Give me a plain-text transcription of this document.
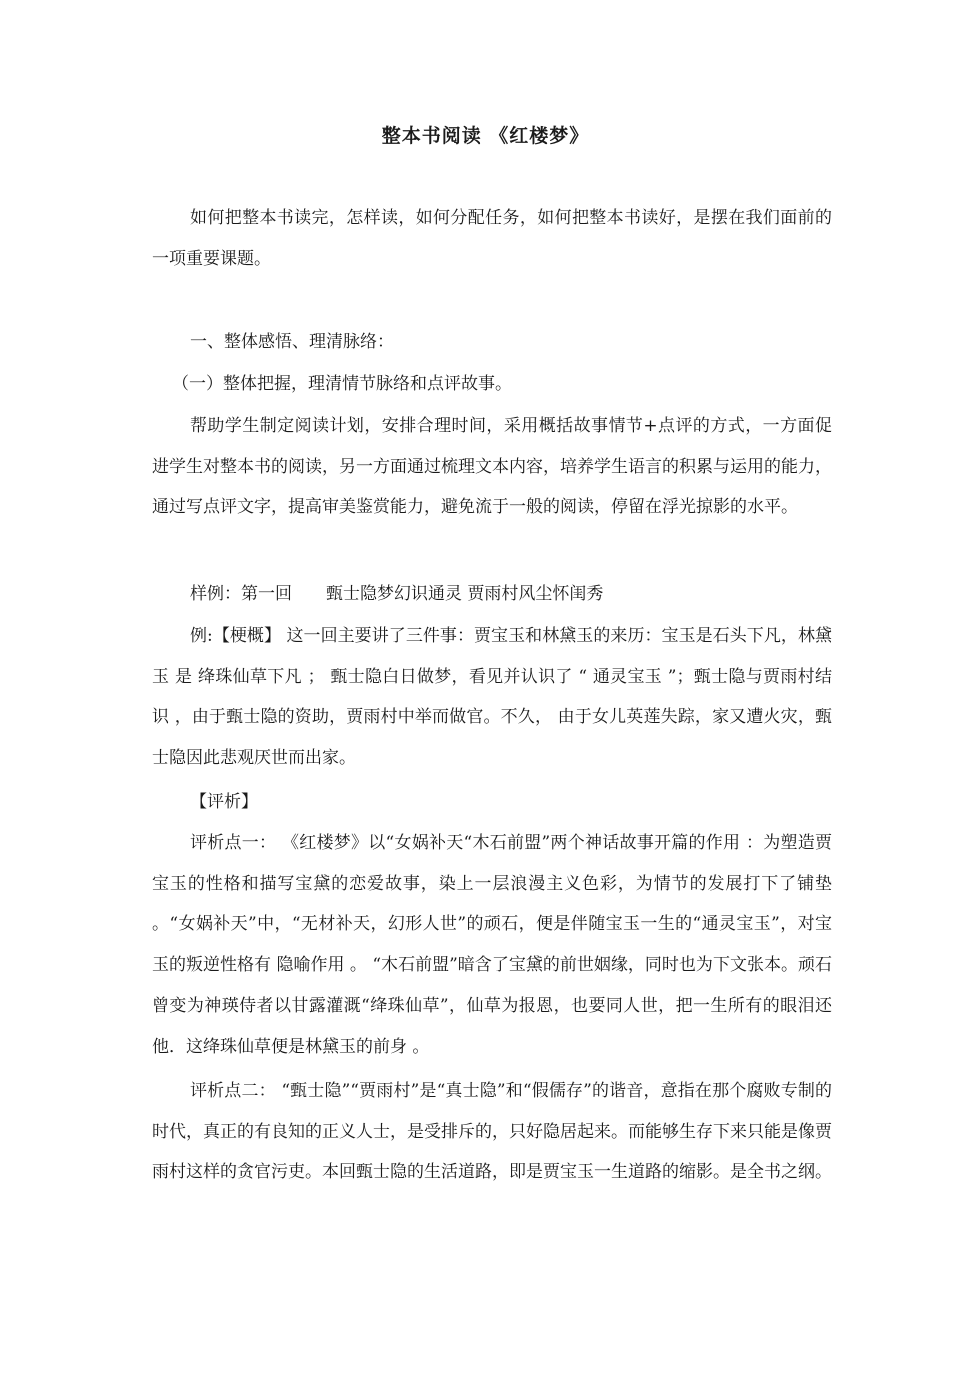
整本书阅读 《红楼梦》

如何把整本书读完，怎样读，如何分配任务，如何把整本书读好，是摆在我们面前的一项重要课题。

一、整体感悟、理清脉络：

（一）整体把握，理清情节脉络和点评故事。

帮助学生制定阅读计划，安排合理时间，采用概括故事情节+点评的方式，一方面促进学生对整本书的阅读，另一方面通过梳理文本内容，培养学生语言的积累与运用的能力，通过写点评文字，提高审美鉴赏能力，避免流于一般的阅读，停留在浮光掠影的水平。

样例：第一回　　甄士隐梦幻识通灵 贾雨村风尘怀闺秀

例:【梗概】 这一回主要讲了三件事：贾宝玉和林黛玉的来历：宝玉是石头下凡，林黛玉 是 绛珠仙草下凡 ； 甄士隐白日做梦，看见并认识了 “ 通灵宝玉 ”；甄士隐与贾雨村结识 ，由于甄士隐的资助，贾雨村中举而做官。不久， 由于女儿英莲失踪，家又遭火灾，甄士隐因此悲观厌世而出家。

【评析】

评析点一： 《红楼梦》以“女娲补天“木石前盟”两个神话故事开篇的作用 ：为塑造贾宝玉的性格和描写宝黛的恋爱故事，染上一层浪漫主义色彩，为情节的发展打下了铺垫 。“女娲补天”中，“无材补天，幻形人世”的顽石，便是伴随宝玉一生的“通灵宝玉”，对宝玉的叛逆性格有 隐喻作用 。 “木石前盟”暗含了宝黛的前世姻缘，同时也为下文张本。顽石曾变为神瑛侍者以甘露灌溉“绛珠仙草”，仙草为报恩，也要同人世，把一生所有的眼泪还他．这绛珠仙草便是林黛玉的前身 。

评析点二： “甄士隐”“贾雨村”是“真士隐”和“假儒存”的谐音，意指在那个腐败专制的时代，真正的有良知的正义人士，是受排斥的，只好隐居起来。而能够生存下来只能是像贾雨村这样的贪官污吏。本回甄士隐的生活道路，即是贾宝玉一生道路的缩影。是全书之纲。
